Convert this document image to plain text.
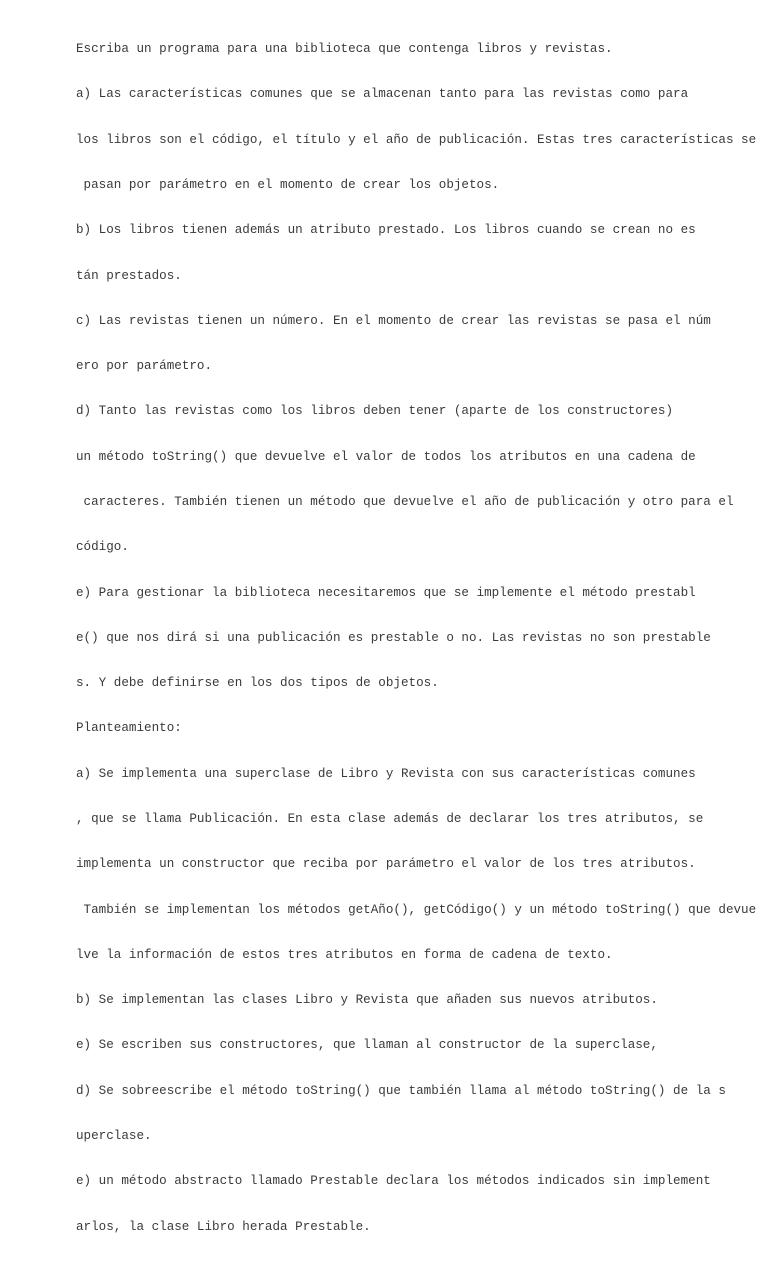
Escriba un programa para una biblioteca que contenga libros y revistas.

a) Las características comunes que se almacenan tanto para las revistas como para

los libros son el código, el título y el año de publicación. Estas tres características se

pasan por parámetro en el momento de crear los objetos.

b) Los libros tienen además un atributo prestado. Los libros cuando se crean no es

tán prestados.

c) Las revistas tienen un número. En el momento de crear las revistas se pasa el núm

ero por parámetro.

d) Tanto las revistas como los libros deben tener (aparte de los constructores)

un método toString() que devuelve el valor de todos los atributos en una cadena de

caracteres. También tienen un método que devuelve el año de publicación y otro para el

código.

e) Para gestionar la biblioteca necesitaremos que se implemente el método prestabl

e() que nos dirá si una publicación es prestable o no. Las revistas no son prestable

s. Y debe definirse en los dos tipos de objetos.

Planteamiento:

a) Se implementa una superclase de Libro y Revista con sus características comunes

, que se llama Publicación. En esta clase además de declarar los tres atributos, se

implementa un constructor que reciba por parámetro el valor de los tres atributos.

También se implementan los métodos getAño(), getCódigo() y un método toString() que devue

lve la información de estos tres atributos en forma de cadena de texto.

b) Se implementan las clases Libro y Revista que añaden sus nuevos atributos.

e) Se escriben sus constructores, que llaman al constructor de la superclase,

d) Se sobreescribe el método toString() que también llama al método toString() de la s

uperclase.

e) un método abstracto llamado Prestable declara los métodos indicados sin implement

arlos, la clase Libro herada Prestable.
